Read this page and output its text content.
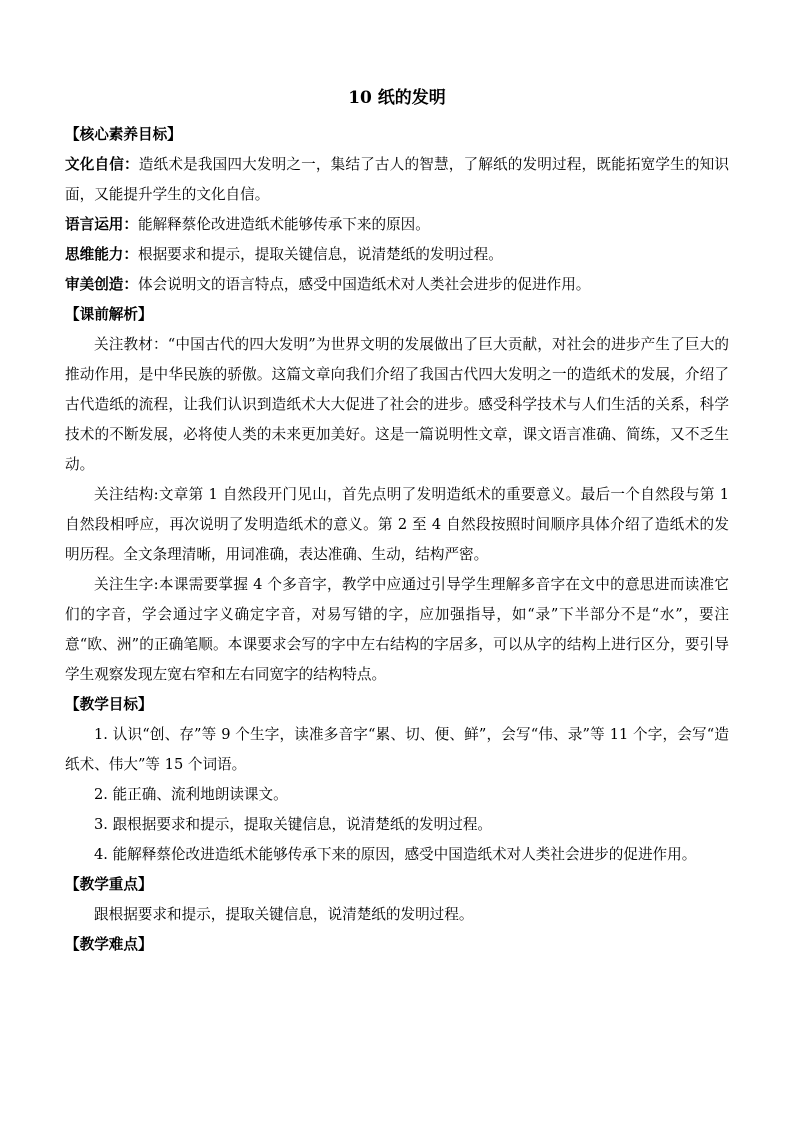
10 纸的发明

【核心素养目标】

文化自信：造纸术是我国四大发明之一，集结了古人的智慧，了解纸的发明过程，既能拓宽学生的知识面，又能提升学生的文化自信。

语言运用：能解释蔡伦改进造纸术能够传承下来的原因。

思维能力：根据要求和提示，提取关键信息，说清楚纸的发明过程。

审美创造：体会说明文的语言特点，感受中国造纸术对人类社会进步的促进作用。

【课前解析】

关注教材：“中国古代的四大发明”为世界文明的发展做出了巨大贡献，对社会的进步产生了巨大的推动作用，是中华民族的骄傲。这篇文章向我们介绍了我国古代四大发明之一的造纸术的发展，介绍了古代造纸的流程，让我们认识到造纸术大大促进了社会的进步。感受科学技术与人们生活的关系，科学技术的不断发展，必将使人类的未来更加美好。这是一篇说明性文章，课文语言准确、简练，又不乏生动。

关注结构:文章第 1 自然段开门见山，首先点明了发明造纸术的重要意义。最后一个自然段与第 1 自然段相呼应，再次说明了发明造纸术的意义。第 2 至 4 自然段按照时间顺序具体介绍了造纸术的发明历程。全文条理清晰，用词准确，表达准确、生动，结构严密。

关注生字:本课需要掌握 4 个多音字，教学中应通过引导学生理解多音字在文中的意思进而读准它们的字音，学会通过字义确定字音，对易写错的字，应加强指导，如“录”下半部分不是“水”，要注意“欧、洲”的正确笔顺。本课要求会写的字中左右结构的字居多，可以从字的结构上进行区分，要引导学生观察发现左宽右窄和左右同宽字的结构特点。

【教学目标】

1. 认识“创、存”等 9 个生字，读准多音字“累、切、便、鲜”，会写“伟、录”等 11 个字，会写“造纸术、伟大”等 15 个词语。

2. 能正确、流利地朗读课文。

3. 跟根据要求和提示，提取关键信息，说清楚纸的发明过程。

4. 能解释蔡伦改进造纸术能够传承下来的原因，感受中国造纸术对人类社会进步的促进作用。

【教学重点】

跟根据要求和提示，提取关键信息，说清楚纸的发明过程。

【教学难点】
